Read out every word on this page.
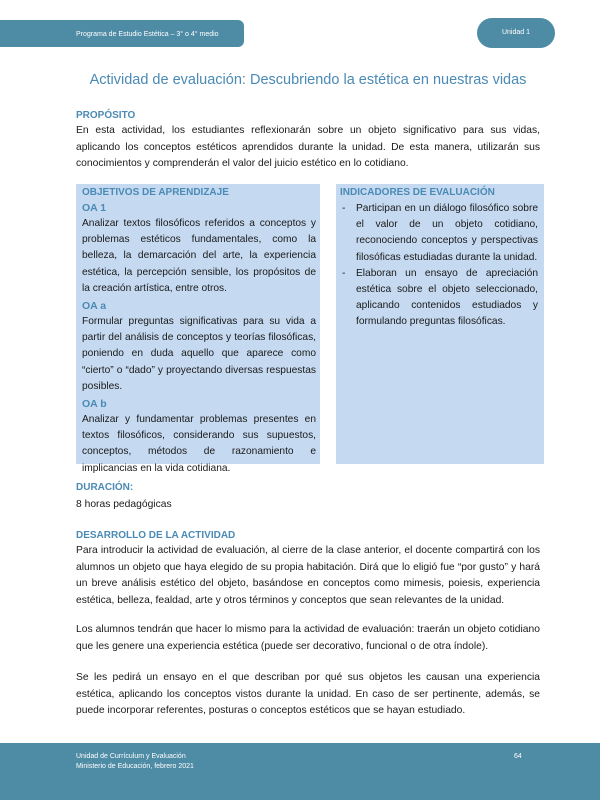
Programa de Estudio Estética – 3° o 4° medio	Unidad 1
Actividad de evaluación: Descubriendo la estética en nuestras vidas
PROPÓSITO
En esta actividad, los estudiantes reflexionarán sobre un objeto significativo para sus vidas, aplicando los conceptos estéticos aprendidos durante la unidad. De esta manera, utilizarán sus conocimientos y comprenderán el valor del juicio estético en lo cotidiano.
OBJETIVOS DE APRENDIZAJE
OA 1
Analizar textos filosóficos referidos a conceptos y problemas estéticos fundamentales, como la belleza, la demarcación del arte, la experiencia estética, la percepción sensible, los propósitos de la creación artística, entre otros.
OA a
Formular preguntas significativas para su vida a partir del análisis de conceptos y teorías filosóficas, poniendo en duda aquello que aparece como “cierto” o “dado” y proyectando diversas respuestas posibles.
OA b
Analizar y fundamentar problemas presentes en textos filosóficos, considerando sus supuestos, conceptos, métodos de razonamiento e implicancias en la vida cotidiana.
INDICADORES DE EVALUACIÓN
- Participan en un diálogo filosófico sobre el valor de un objeto cotidiano, reconociendo conceptos y perspectivas filosóficas estudiadas durante la unidad.
- Elaboran un ensayo de apreciación estética sobre el objeto seleccionado, aplicando contenidos estudiados y formulando preguntas filosóficas.
DURACIÓN:
8 horas pedagógicas
DESARROLLO DE LA ACTIVIDAD
Para introducir la actividad de evaluación, al cierre de la clase anterior, el docente compartirá con los alumnos un objeto que haya elegido de su propia habitación. Dirá que lo eligió fue “por gusto” y hará un breve análisis estético del objeto, basándose en conceptos como mimesis, poiesis, experiencia estética, belleza, fealdad, arte y otros términos y conceptos que sean relevantes de la unidad.
Los alumnos tendrán que hacer lo mismo para la actividad de evaluación: traerán un objeto cotidiano que les genere una experiencia estética (puede ser decorativo, funcional o de otra índole).
Se les pedirá un ensayo en el que describan por qué sus objetos les causan una experiencia estética, aplicando los conceptos vistos durante la unidad. En caso de ser pertinente, además, se puede incorporar referentes, posturas o conceptos estéticos que se hayan estudiado.
Unidad de Currículum y Evaluación
Ministerio de Educación, febrero 2021
64
